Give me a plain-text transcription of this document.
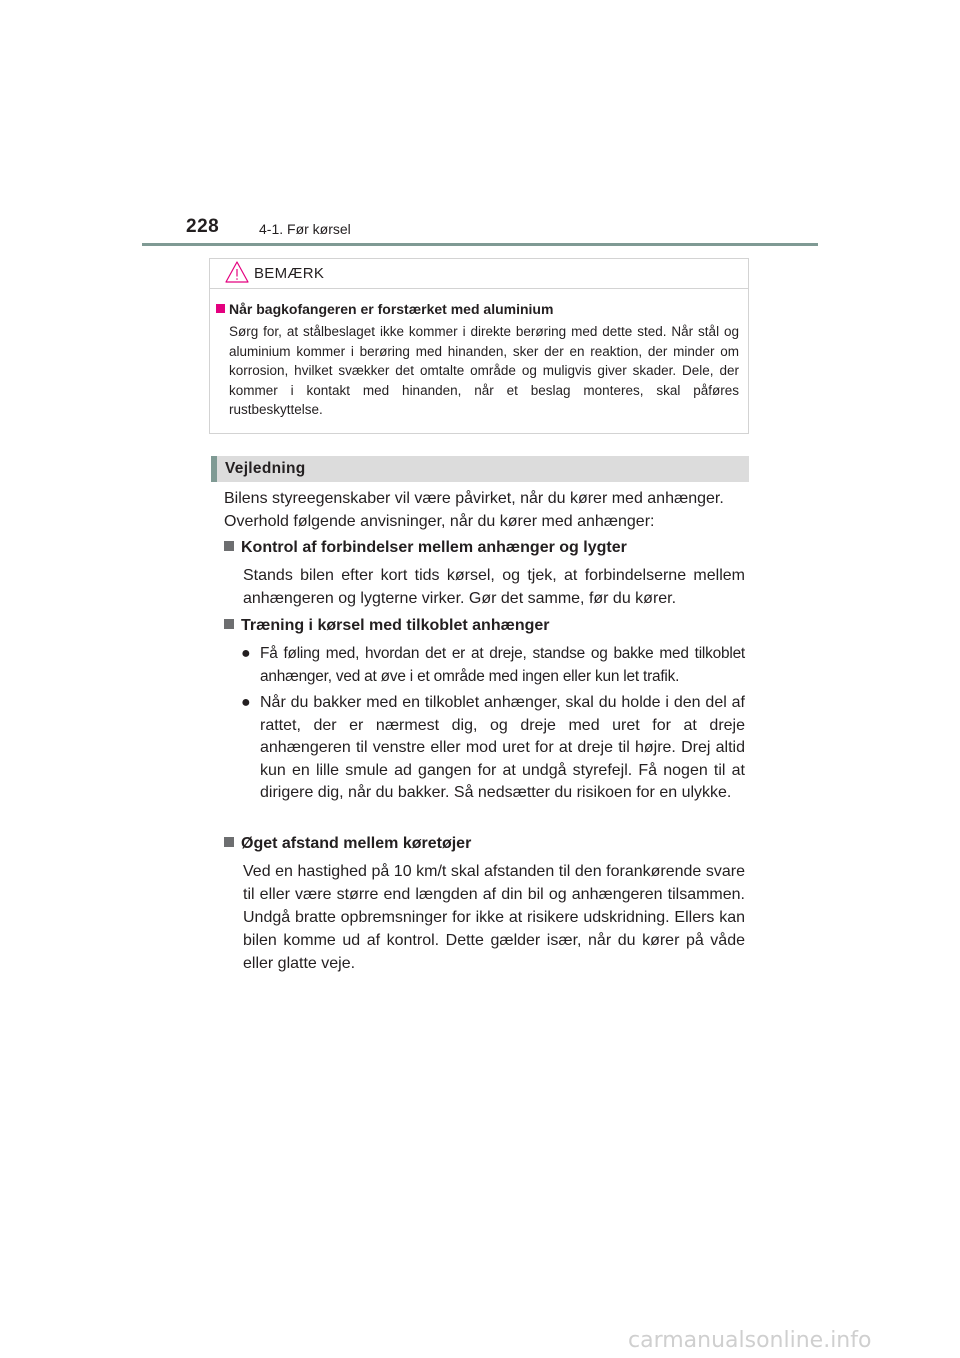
228	4-1. Før kørsel
BEMÆRK
Når bagkofangeren er forstærket med aluminium
Sørg for, at stålbeslaget ikke kommer i direkte berøring med dette sted. Når stål og aluminium kommer i berøring med hinanden, sker der en reaktion, der minder om korrosion, hvilket svækker det omtalte område og muligvis giver skader. Dele, der kommer i kontakt med hinanden, når et beslag monteres, skal påføres rustbeskyttelse.
Vejledning
Bilens styreegenskaber vil være påvirket, når du kører med anhænger.
Overhold følgende anvisninger, når du kører med anhænger:
Kontrol af forbindelser mellem anhænger og lygter
Stands bilen efter kort tids kørsel, og tjek, at forbindelserne mellem anhængeren og lygterne virker. Gør det samme, før du kører.
Træning i kørsel med tilkoblet anhænger
● Få føling med, hvordan det er at dreje, standse og bakke med tilkoblet anhænger, ved at øve i et område med ingen eller kun let trafik.
● Når du bakker med en tilkoblet anhænger, skal du holde i den del af rattet, der er nærmest dig, og dreje med uret for at dreje anhængeren til venstre eller mod uret for at dreje til højre. Drej altid kun en lille smule ad gangen for at undgå styrefejl. Få nogen til at dirigere dig, når du bakker. Så nedsætter du risikoen for en ulykke.
Øget afstand mellem køretøjer
Ved en hastighed på 10 km/t skal afstanden til den forankørende svare til eller være større end længden af din bil og anhængeren tilsammen. Undgå bratte opbremsninger for ikke at risikere udskridning. Ellers kan bilen komme ud af kontrol. Dette gælder især, når du kører på våde eller glatte veje.
carmanualsonline.info
